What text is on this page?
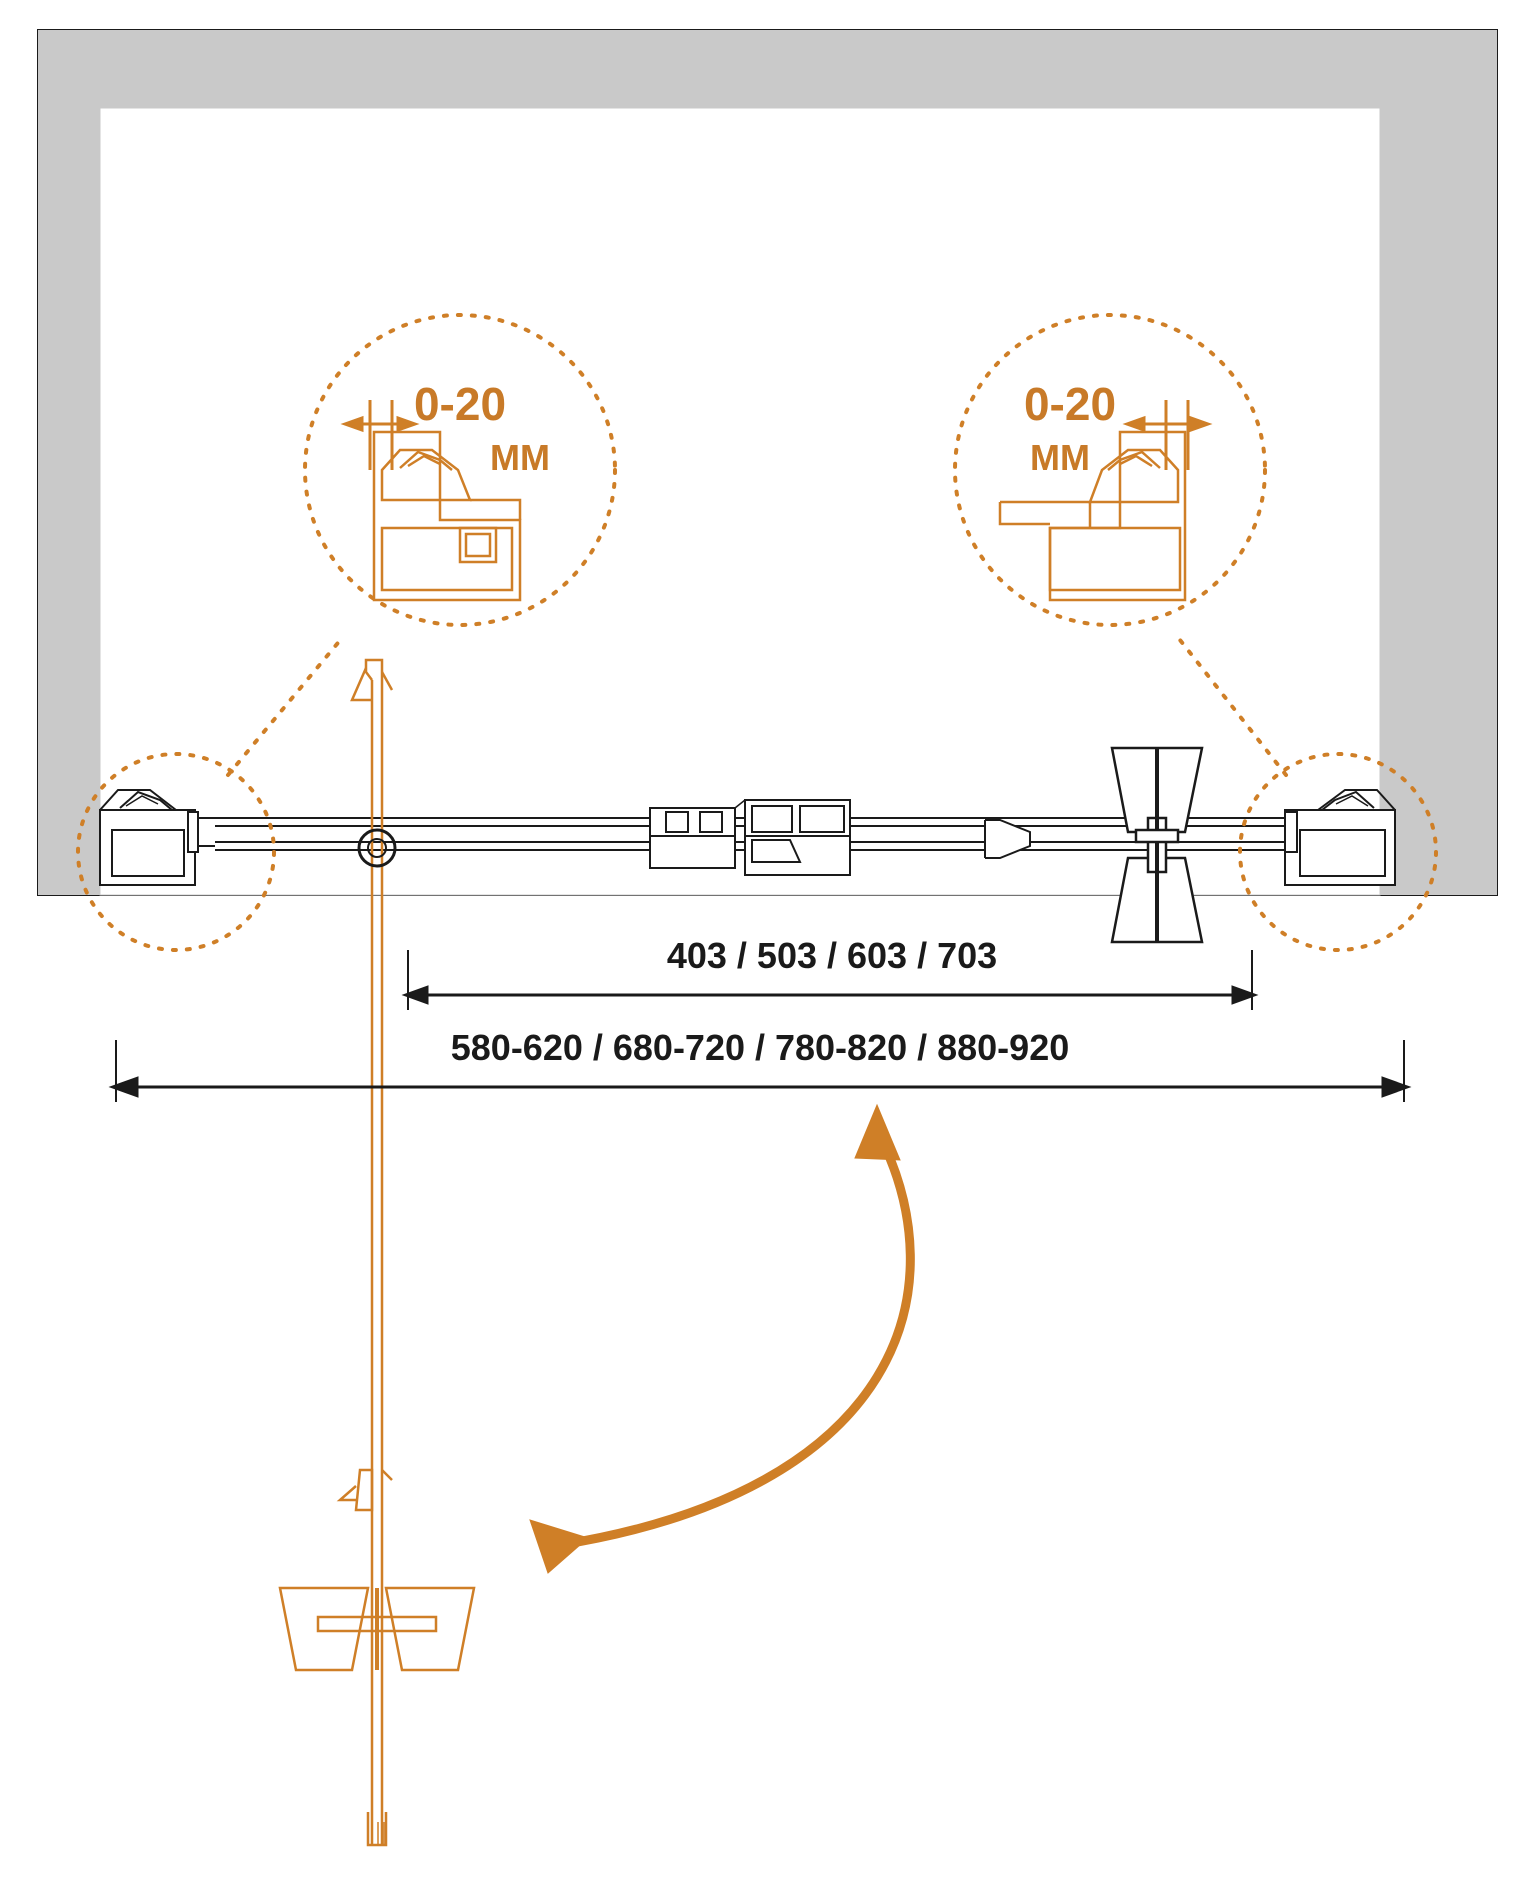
0-20
MM
0-20
MM
403 / 503 / 603 / 703
580-620 / 680-720 / 780-820 / 880-920
